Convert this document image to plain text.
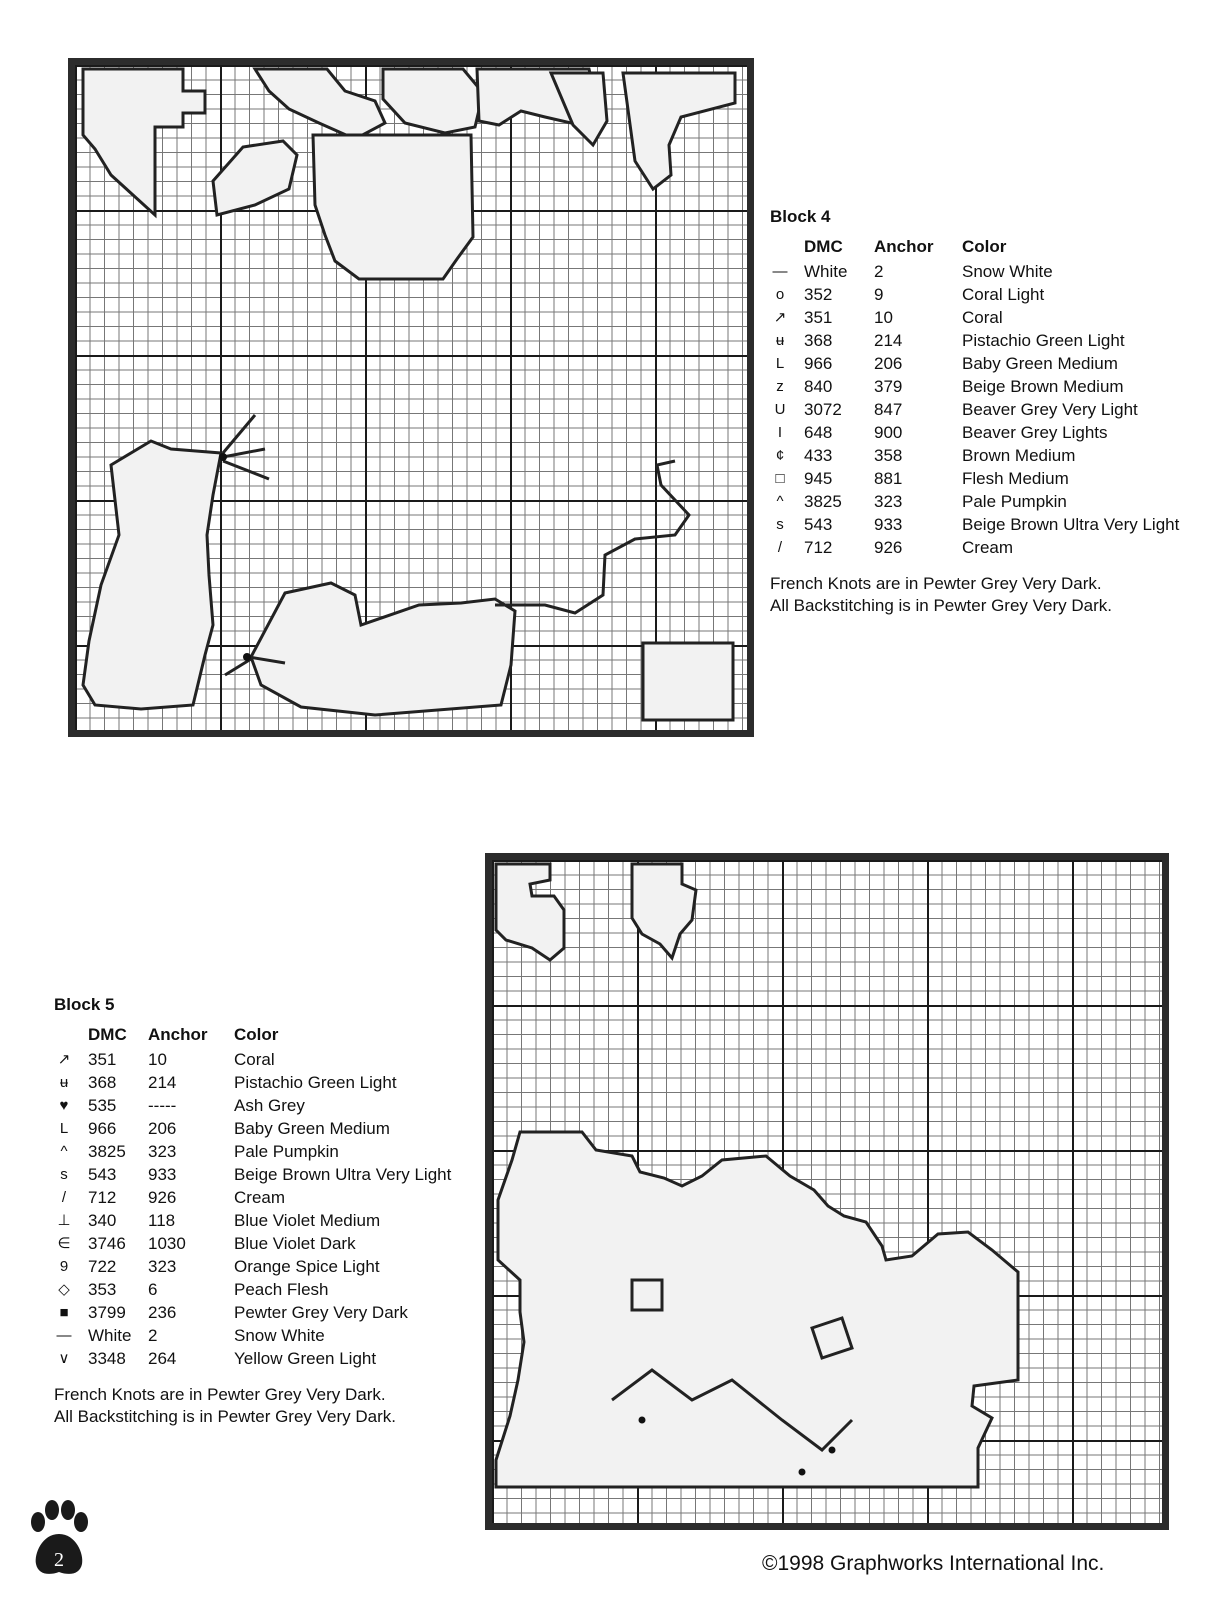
Block 4
	DMC	Anchor	Color
—	White	2	Snow White
o	352	9	Coral Light
↗	351	10	Coral
ʉ	368	214	Pistachio Green Light
L	966	206	Baby Green Medium
z	840	379	Beige Brown Medium
U	3072	847	Beaver Grey Very Light
I	648	900	Beaver Grey Lights
¢	433	358	Brown Medium
□	945	881	Flesh Medium
^	3825	323	Pale Pumpkin
s	543	933	Beige Brown Ultra Very Light
/	712	926	Cream

French Knots are in Pewter Grey Very Dark.

All Backstitching is in Pewter Grey Very Dark.

Block 5
	DMC	Anchor	Color
↗	351	10	Coral
ʉ	368	214	Pistachio Green Light
♥	535	-----	Ash Grey
L	966	206	Baby Green Medium
^	3825	323	Pale Pumpkin
s	543	933	Beige Brown Ultra Very Light
/	712	926	Cream
⊥	340	118	Blue Violet Medium
∈	3746	1030	Blue Violet Dark
9	722	323	Orange Spice Light
◇	353	6	Peach Flesh
■	3799	236	Pewter Grey Very Dark
—	White	2	Snow White
∨	3348	264	Yellow Green Light

French Knots are in Pewter Grey Very Dark.

All Backstitching is in Pewter Grey Very Dark.

2	©1998 Graphworks International Inc.
